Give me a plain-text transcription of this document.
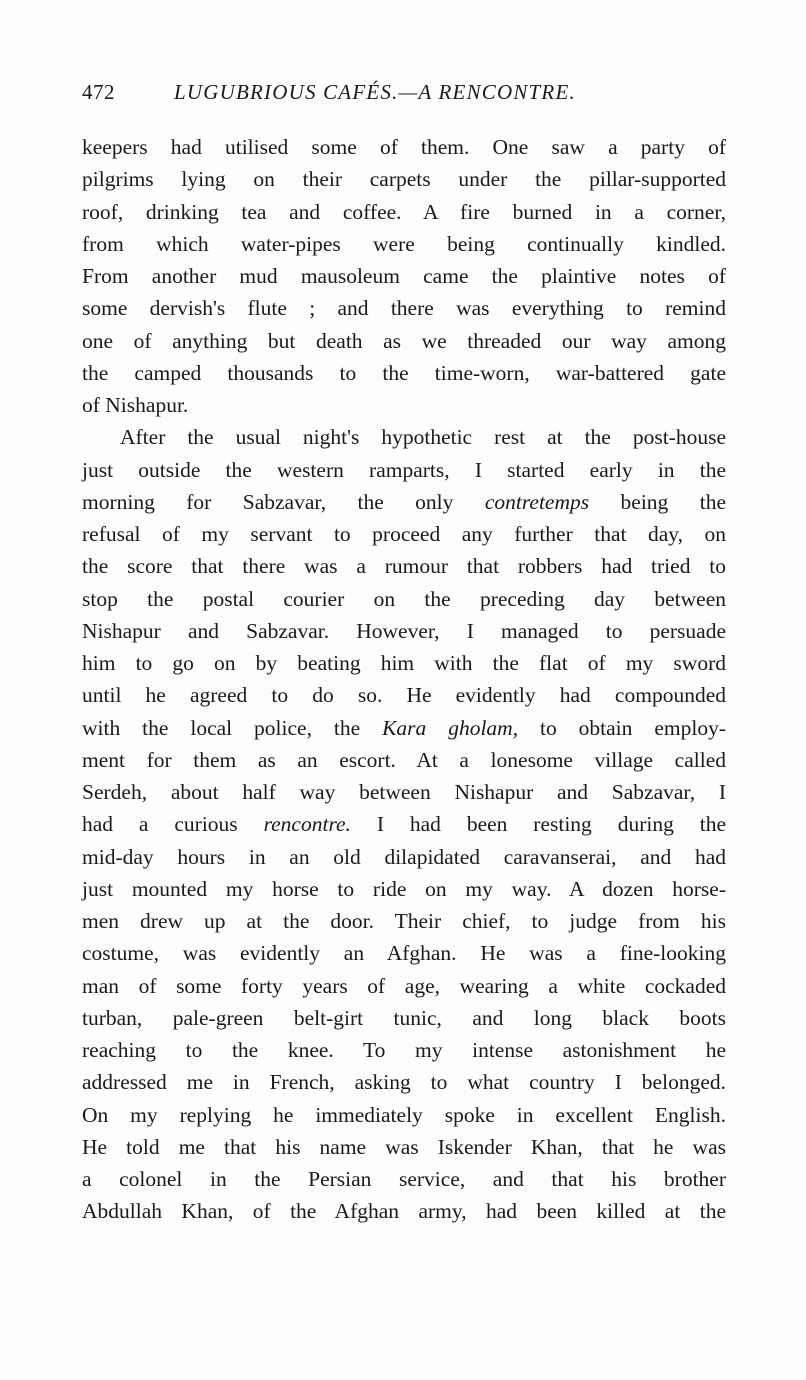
472	LUGUBRIOUS CAFÉS.—A RENCONTRE.
keepers had utilised some of them. One saw a party of
pilgrims lying on their carpets under the pillar-supported
roof, drinking tea and coffee. A fire burned in a corner,
from which water-pipes were being continually kindled.
From another mud mausoleum came the plaintive notes of
some dervish's flute ; and there was everything to remind
one of anything but death as we threaded our way among
the camped thousands to the time-worn, war-battered gate
of Nishapur.
After the usual night's hypothetic rest at the post-house
just outside the western ramparts, I started early in the
morning for Sabzavar, the only contretemps being the
refusal of my servant to proceed any further that day, on
the score that there was a rumour that robbers had tried to
stop the postal courier on the preceding day between
Nishapur and Sabzavar. However, I managed to persuade
him to go on by beating him with the flat of my sword
until he agreed to do so. He evidently had compounded
with the local police, the Kara gholam, to obtain employ-
ment for them as an escort. At a lonesome village called
Serdeh, about half way between Nishapur and Sabzavar, I
had a curious rencontre. I had been resting during the
mid-day hours in an old dilapidated caravanserai, and had
just mounted my horse to ride on my way. A dozen horse-
men drew up at the door. Their chief, to judge from his
costume, was evidently an Afghan. He was a fine-looking
man of some forty years of age, wearing a white cockaded
turban, pale-green belt-girt tunic, and long black boots
reaching to the knee. To my intense astonishment he
addressed me in French, asking to what country I belonged.
On my replying he immediately spoke in excellent English.
He told me that his name was Iskender Khan, that he was
a colonel in the Persian service, and that his brother
Abdullah Khan, of the Afghan army, had been killed at the
